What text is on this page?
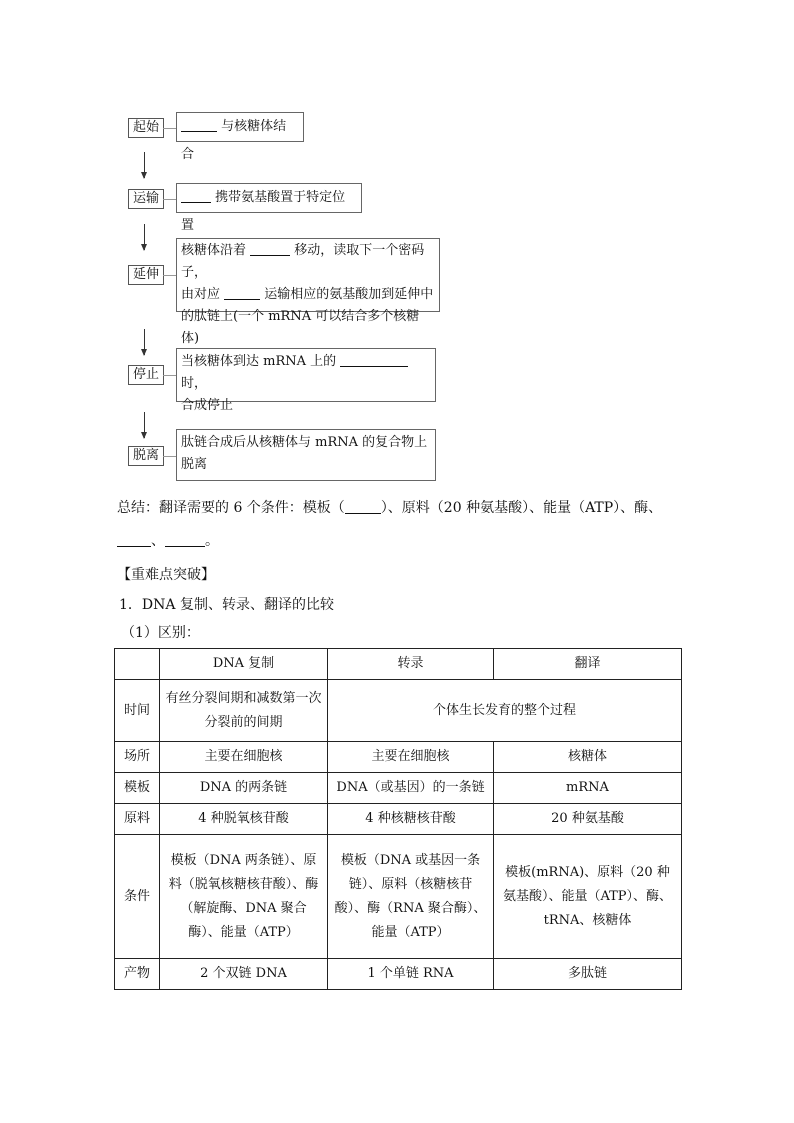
起始	与核糖体结合
运输	携带氨基酸置于特定位置
延伸
核糖体沿着	移动，读取下一个密码子，
由对应	运输相应的氨基酸加到延伸中
的肽链上(一个 mRNA 可以结合多个核糖体)
停止
当核糖体到达 mRNA 上的  时，
合成停止
脱离
肽链合成后从核糖体与 mRNA 的复合物上
脱离
总结：翻译需要的 6 个条件：模板（	）、原料（20 种氨基酸）、能量（ATP）、酶、
、	。
【重难点突破】
1．DNA 复制、转录、翻译的比较
（1）区别：
	DNA 复制	转录	翻译
时间	有丝分裂间期和减数第一次分裂前的间期	个体生长发育的整个过程	
场所	主要在细胞核	主要在细胞核	核糖体
模板	DNA 的两条链	DNA（或基因）的一条链	mRNA
原料	4 种脱氧核苷酸	4 种核糖核苷酸	20 种氨基酸
条件	模板（DNA 两条链）、原料（脱氧核糖核苷酸）、酶（解旋酶、DNA 聚合酶）、能量（ATP）	模板（DNA 或基因一条链）、原料（核糖核苷酸）、酶（RNA 聚合酶）、能量（ATP）	模板(mRNA)、原料（20 种氨基酸）、能量（ATP）、酶、tRNA、核糖体
产物	2 个双链 DNA	1 个单链 RNA	多肽链
